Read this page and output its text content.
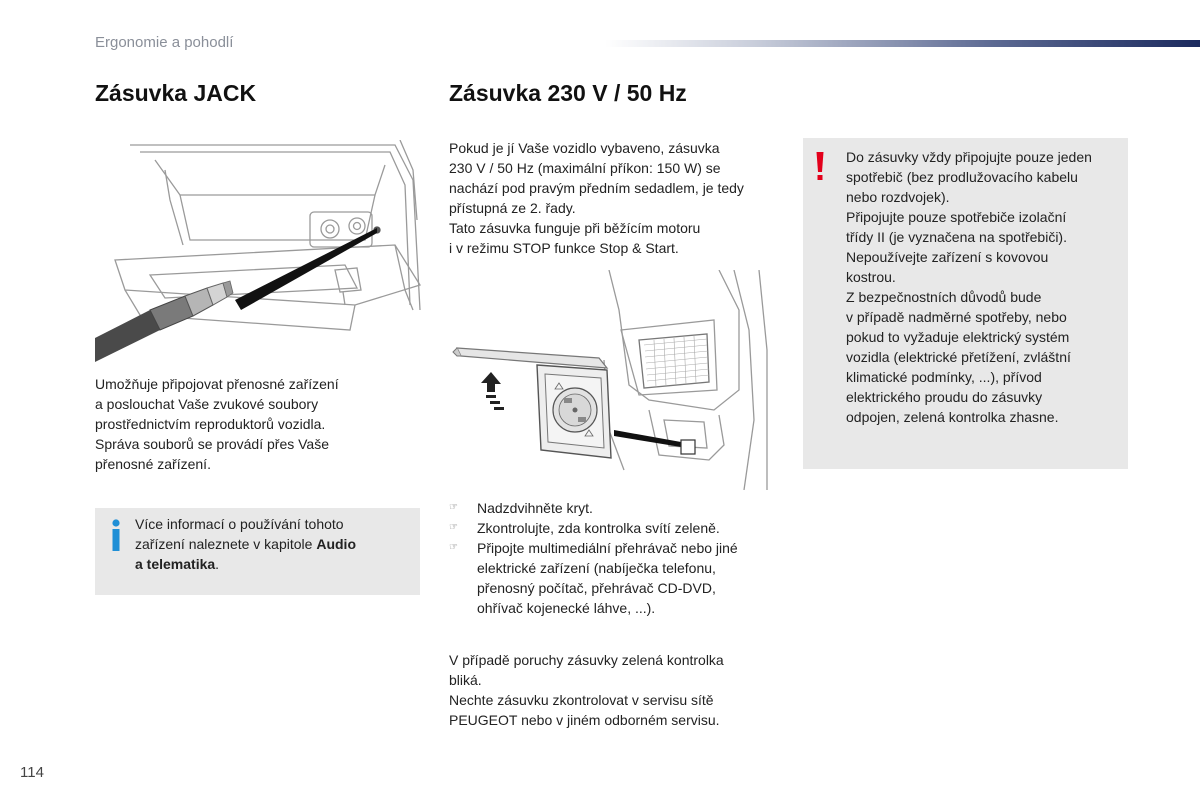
Ergonomie a pohodlí
Zásuvka JACK	Zásuvka 230 V / 50 Hz

Umožňuje připojovat přenosné zařízení

a poslouchat Vaše zvukové soubory

prostřednictvím reproduktorů vozidla.

Správa souborů se provádí přes Vaše

přenosné zařízení.

Více informací o používání tohoto

zařízení naleznete v kapitole Audio

a telematika.

Pokud je jí Vaše vozidlo vybaveno, zásuvka

230 V / 50 Hz (maximální příkon: 150 W) se

nachází pod pravým předním sedadlem, je tedy

přístupná ze 2. řady.

Tato zásuvka funguje při běžícím motoru

i v režimu STOP funkce Stop & Start.

☞ Nadzdvihněte kryt.
☞ Zkontrolujte, zda kontrolka svítí zeleně.
☞ Připojte multimediální přehrávač nebo jiné
elektrické zařízení (nabíječka telefonu,
přenosný počítač, přehrávač CD-DVD,
ohřívač kojenecké láhve, ...).

V případě poruchy zásuvky zelená kontrolka

bliká.

Nechte zásuvku zkontrolovat v servisu sítě

PEUGEOT nebo v jiném odborném servisu.

Do zásuvky vždy připojujte pouze jeden

spotřebič (bez prodlužovacího kabelu

nebo rozdvojek).

Připojujte pouze spotřebiče izolační

třídy II (je vyznačena na spotřebiči).

Nepoužívejte zařízení s kovovou

kostrou.

Z bezpečnostních důvodů bude

v případě nadměrné spotřeby, nebo

pokud to vyžaduje elektrický systém

vozidla (elektrické přetížení, zvláštní

klimatické podmínky, ...), přívod

elektrického proudu do zásuvky

odpojen, zelená kontrolka zhasne.

114
